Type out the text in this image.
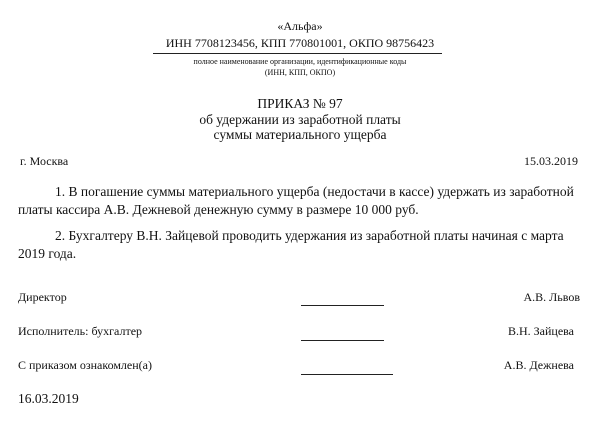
«Альфа»
ИНН 7708123456, КПП 770801001, ОКПО 98756423
полное наименование организации, идентификационные коды (ИНН, КПП, ОКПО)
ПРИКАЗ № 97
об удержании из заработной платы
суммы материального ущерба
г. Москва	15.03.2019
1. В погашение суммы материального ущерба (недостачи в кассе) удержать из заработной платы кассира А.В. Дежневой денежную сумму в размере 10 000 руб.
2. Бухгалтеру В.Н. Зайцевой проводить удержания из заработной платы начиная с марта 2019 года.
Директор	А.В. Львов
Исполнитель: бухгалтер	В.Н. Зайцева
С приказом ознакомлен(а)	А.В. Дежнева
16.03.2019
